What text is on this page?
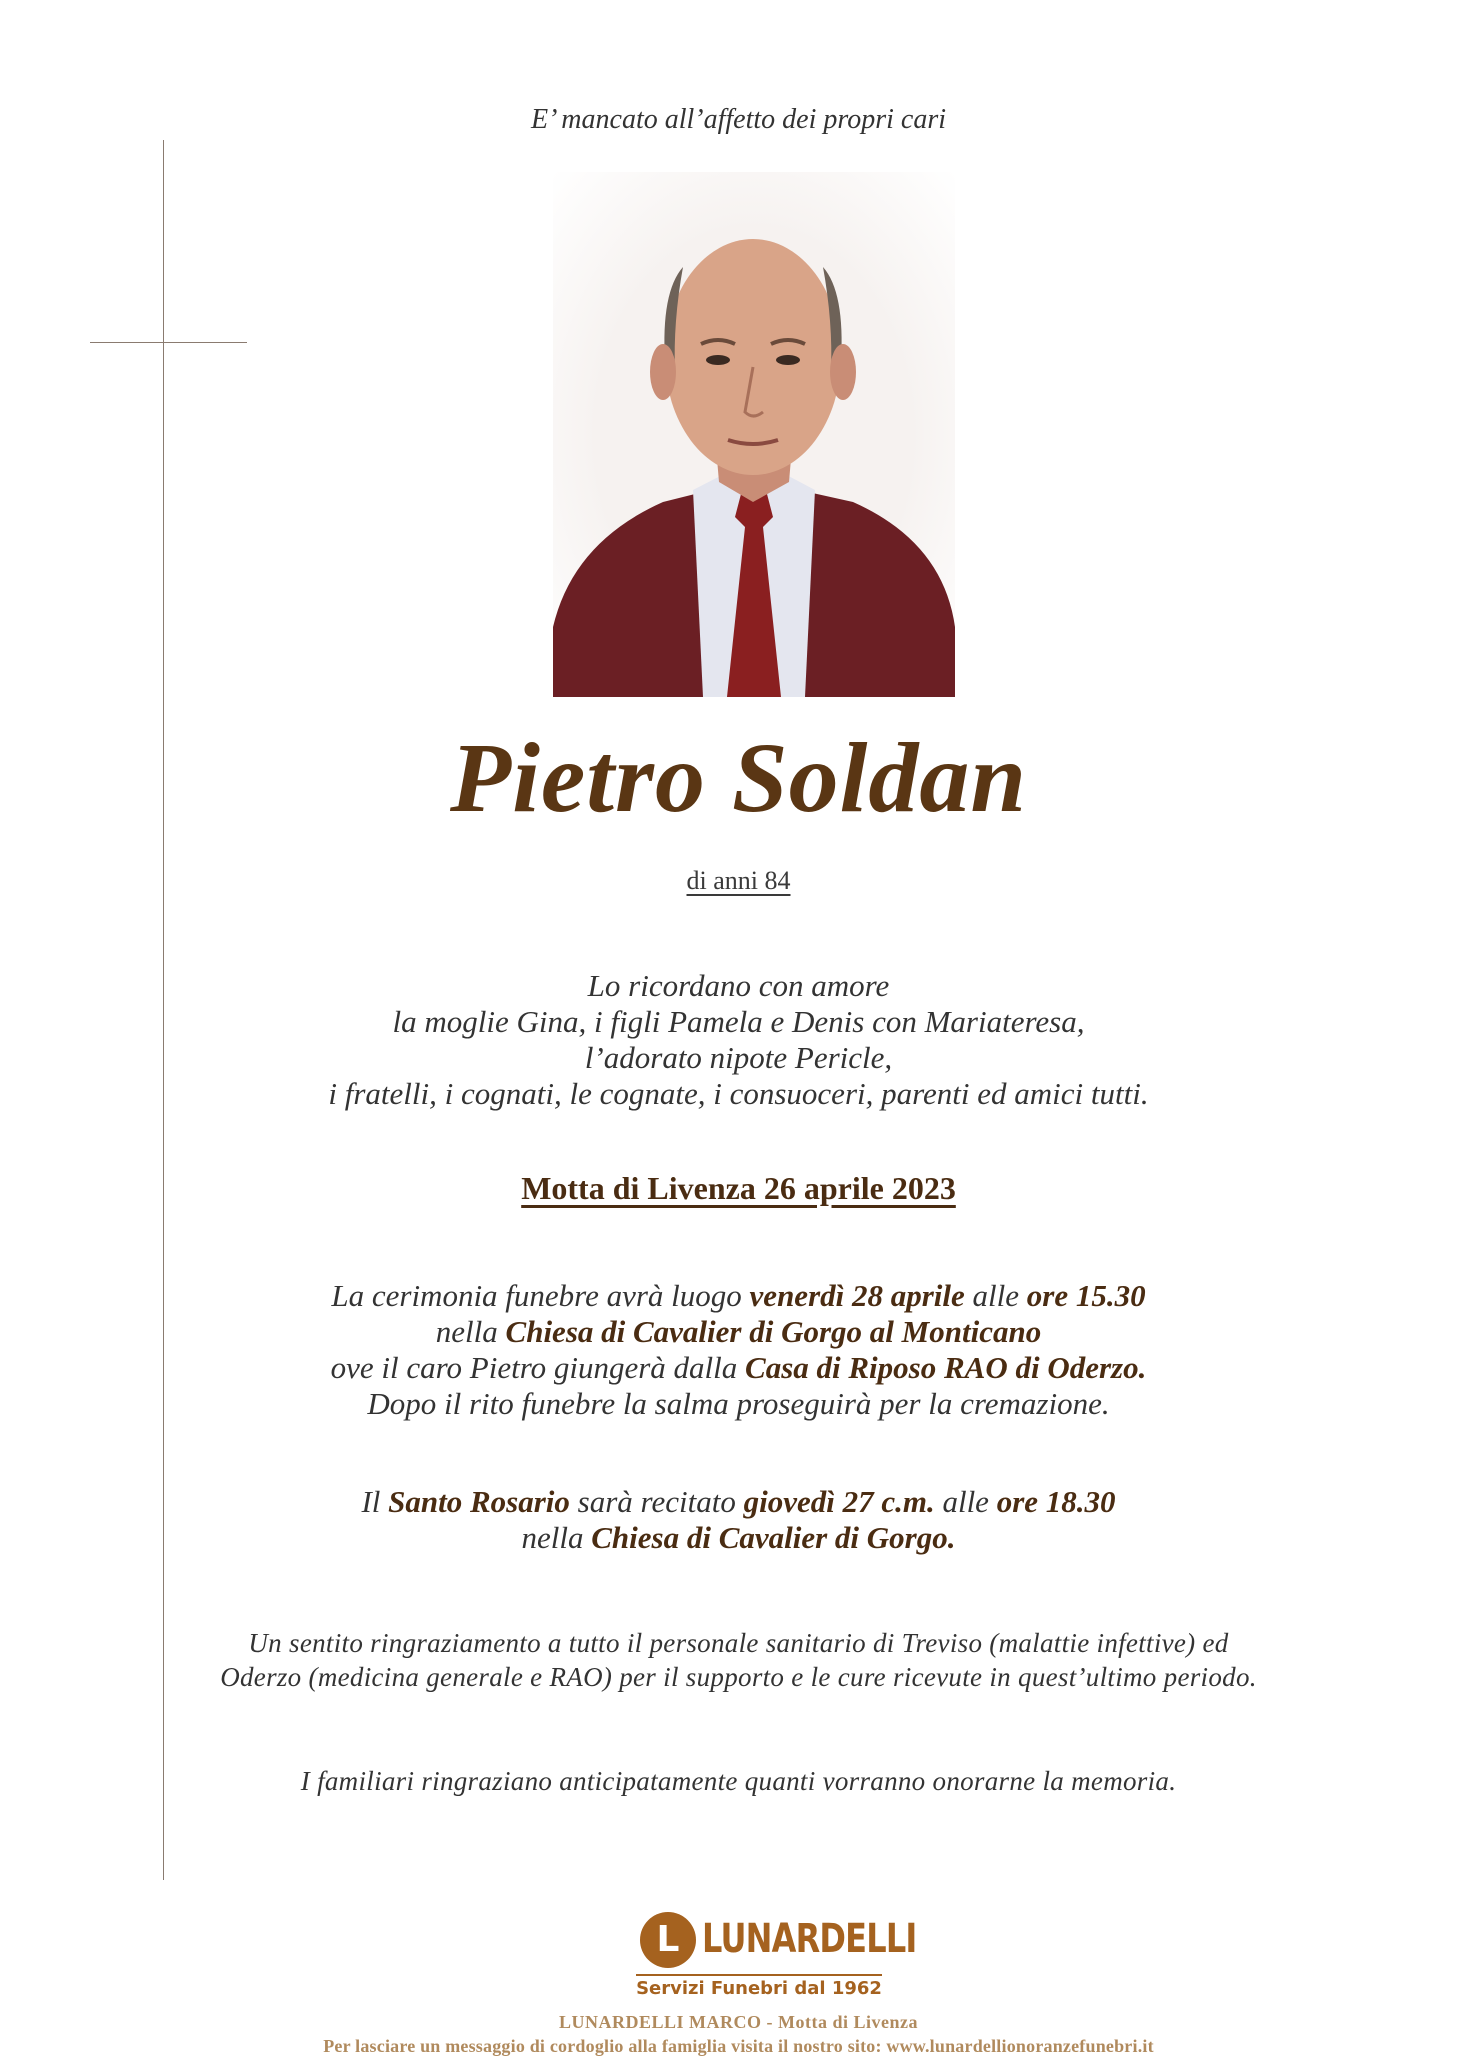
E’ mancato all’affetto dei propri cari
Pietro Soldan
di anni 84
Lo ricordano con amore
la moglie Gina, i figli Pamela e Denis con Mariateresa,
l’adorato nipote Pericle,
i fratelli, i cognati, le cognate, i consuoceri, parenti ed amici tutti.
Motta di Livenza 26 aprile 2023
La cerimonia funebre avrà luogo venerdì 28 aprile alle ore 15.30
nella Chiesa di Cavalier di Gorgo al Monticano
ove il caro Pietro giungerà dalla Casa di Riposo RAO di Oderzo.
Dopo il rito funebre la salma proseguirà per la cremazione.
Il Santo Rosario sarà recitato giovedì 27 c.m. alle ore 18.30
nella Chiesa di Cavalier di Gorgo.
Un sentito ringraziamento a tutto il personale sanitario di Treviso (malattie infettive) ed
Oderzo (medicina generale e RAO) per il supporto e le cure ricevute in quest’ultimo periodo.
I familiari ringraziano anticipatamente quanti vorranno onorarne la memoria.
L LUNARDELLI
Servizi Funebri dal 1962
LUNARDELLI MARCO - Motta di Livenza
Per lasciare un messaggio di cordoglio alla famiglia visita il nostro sito: www.lunardellionoranzefunebri.it
